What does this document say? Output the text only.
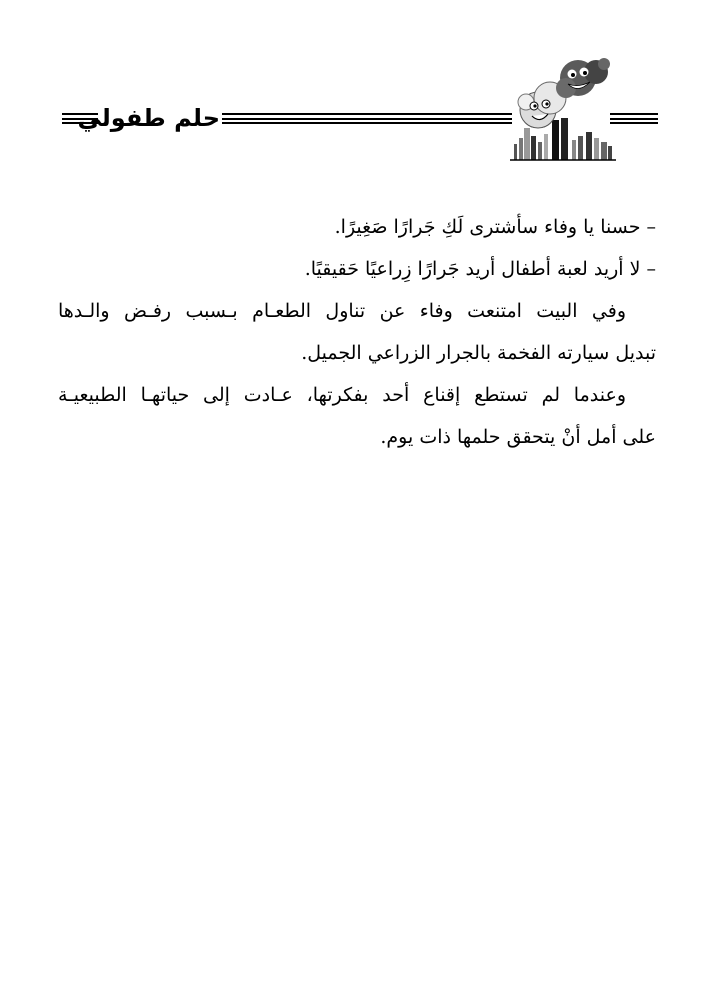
حلم طفولي

– حسنا يا وفاء سأشترى لَكِ جَرارًا صَغِيرًا.

– لا أريد لعبة أطفال أريد جَرارًا زِراعيًا حَقيقيًا.

وفي البيت امتنعت وفاء عن تناول الطعـام بـسبب رفـض والـدها

تبديل سيارته الفخمة بالجرار الزراعي الجميل.

وعندما لم تستطع إقناع أحد بفكرتها، عـادت إلى حياتهـا الطبيعيـة

على أمل أنْ يتحقق حلمها ذات يوم.
